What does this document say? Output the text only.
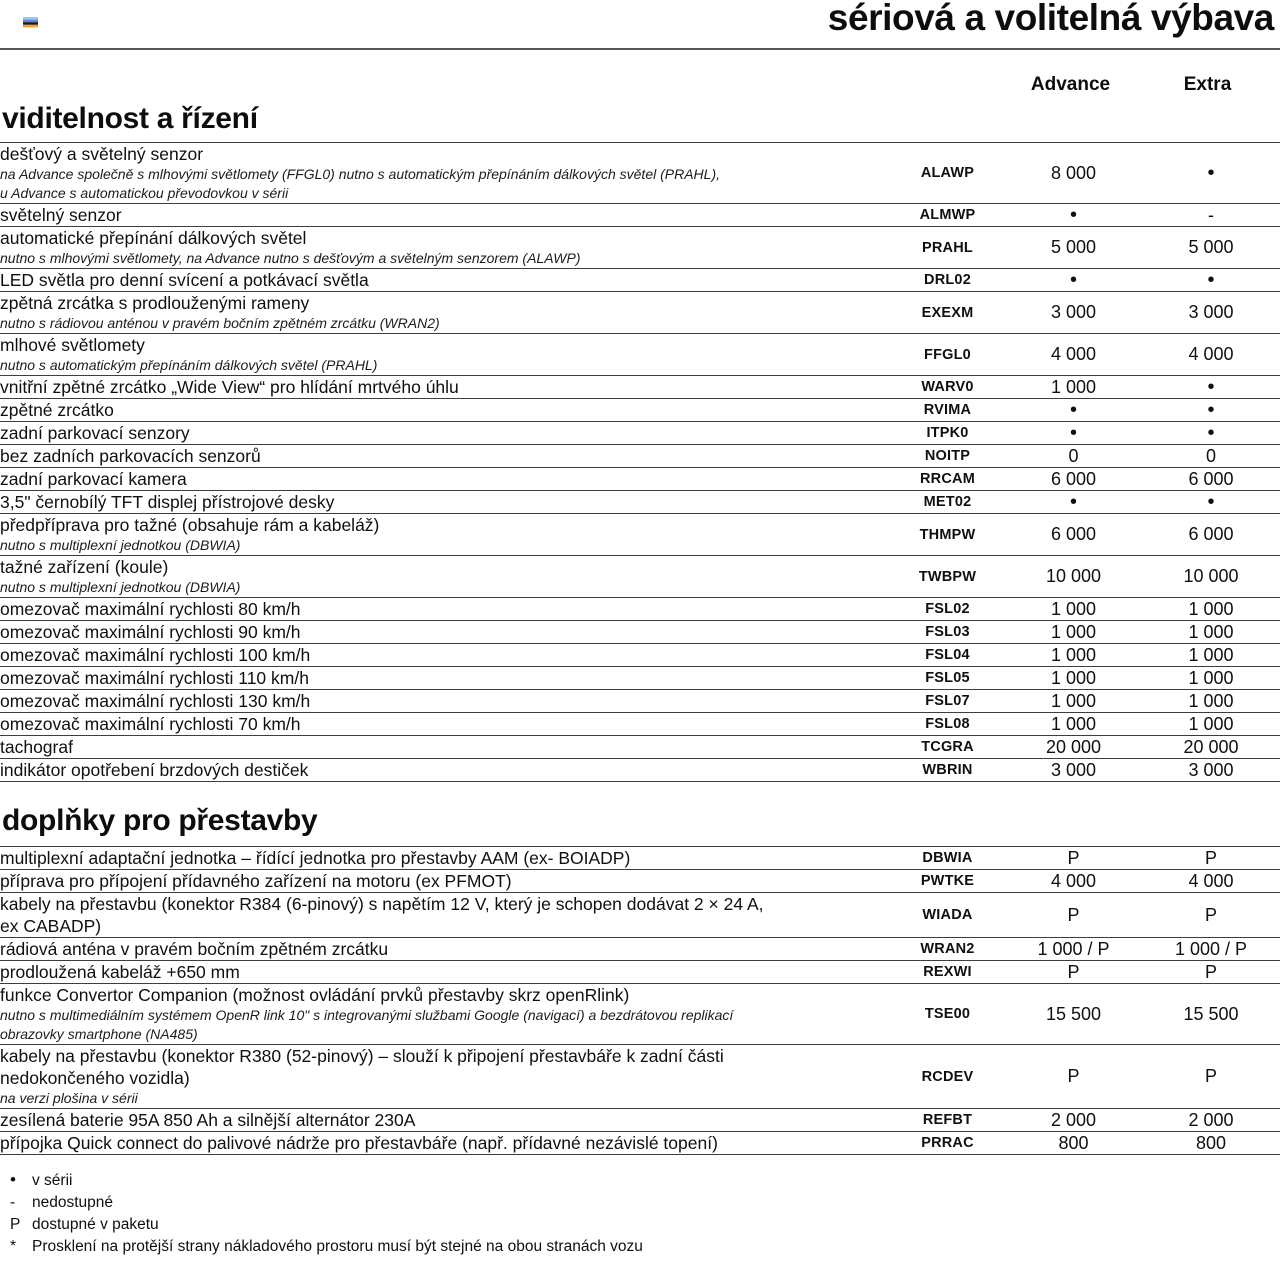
sériová a volitelná výbava
Advance	Extra
viditelnost a řízení
dešťový a světelný senzor
na Advance společně s mlhovými světlomety (FFGL0) nutno s automatickým přepínáním dálkových světel (PRAHL),
u Advance s automatickou převodovkou v sérii	ALAWP	8 000	•
světelný senzor	ALMWP	•	-
automatické přepínání dálkových světel
nutno s mlhovými světlomety, na Advance nutno s dešťovým a světelným senzorem (ALAWP)	PRAHL	5 000	5 000
LED světla pro denní svícení a potkávací světla	DRL02	•	•
zpětná zrcátka s prodlouženými rameny
nutno s rádiovou anténou v pravém bočním zpětném zrcátku (WRAN2)	EXEXM	3 000	3 000
mlhové světlomety
nutno s automatickým přepínáním dálkových světel (PRAHL)	FFGL0	4 000	4 000
vnitřní zpětné zrcátko „Wide View“ pro hlídání mrtvého úhlu	WARV0	1 000	•
zpětné zrcátko	RVIMA	•	•
zadní parkovací senzory	ITPK0	•	•
bez zadních parkovacích senzorů	NOITP	0	0
zadní parkovací kamera	RRCAM	6 000	6 000
3,5" černobílý TFT displej přístrojové desky	MET02	•	•
předpříprava pro tažné (obsahuje rám a kabeláž)
nutno s multiplexní jednotkou (DBWIA)	THMPW	6 000	6 000
tažné zařízení (koule)
nutno s multiplexní jednotkou (DBWIA)	TWBPW	10 000	10 000
omezovač maximální rychlosti 80 km/h	FSL02	1 000	1 000
omezovač maximální rychlosti 90 km/h	FSL03	1 000	1 000
omezovač maximální rychlosti 100 km/h	FSL04	1 000	1 000
omezovač maximální rychlosti 110 km/h	FSL05	1 000	1 000
omezovač maximální rychlosti 130 km/h	FSL07	1 000	1 000
omezovač maximální rychlosti 70 km/h	FSL08	1 000	1 000
tachograf	TCGRA	20 000	20 000
indikátor opotřebení brzdových destiček	WBRIN	3 000	3 000
doplňky pro přestavby
multiplexní adaptační jednotka – řídící jednotka pro přestavby AAM (ex- BOIADP)	DBWIA	P	P
příprava pro přípojení přídavného zařízení na motoru (ex PFMOT)	PWTKE	4 000	4 000
kabely na přestavbu (konektor R384 (6-pinový) s napětím 12 V, který je schopen dodávat 2 × 24 A,
ex CABADP)	WIADA	P	P
rádiová anténa v pravém bočním zpětném zrcátku	WRAN2	1 000 / P	1 000 / P
prodloužená kabeláž +650 mm	REXWI	P	P
funkce Convertor Companion (možnost ovládání prvků přestavby skrz openRlink)
nutno s multimediálním systémem OpenR link 10" s integrovanými službami Google (navigací) a bezdrátovou replikací
obrazovky smartphone (NA485)	TSE00	15 500	15 500
kabely na přestavbu (konektor R380 (52-pinový) – slouží k připojení přestavbáře k zadní části
nedokončeného vozidla)
na verzi plošina v sérii	RCDEV	P	P
zesílená baterie 95A 850 Ah a silnější alternátor 230A	REFBT	2 000	2 000
přípojka Quick connect do palivové nádrže pro přestavbáře (např. přídavné nezávislé topení)	PRRAC	800	800
•	v sérii
-	nedostupné
P dostupné v paketu
*	Prosklení na protější strany nákladového prostoru musí být stejné na obou stranách vozu
